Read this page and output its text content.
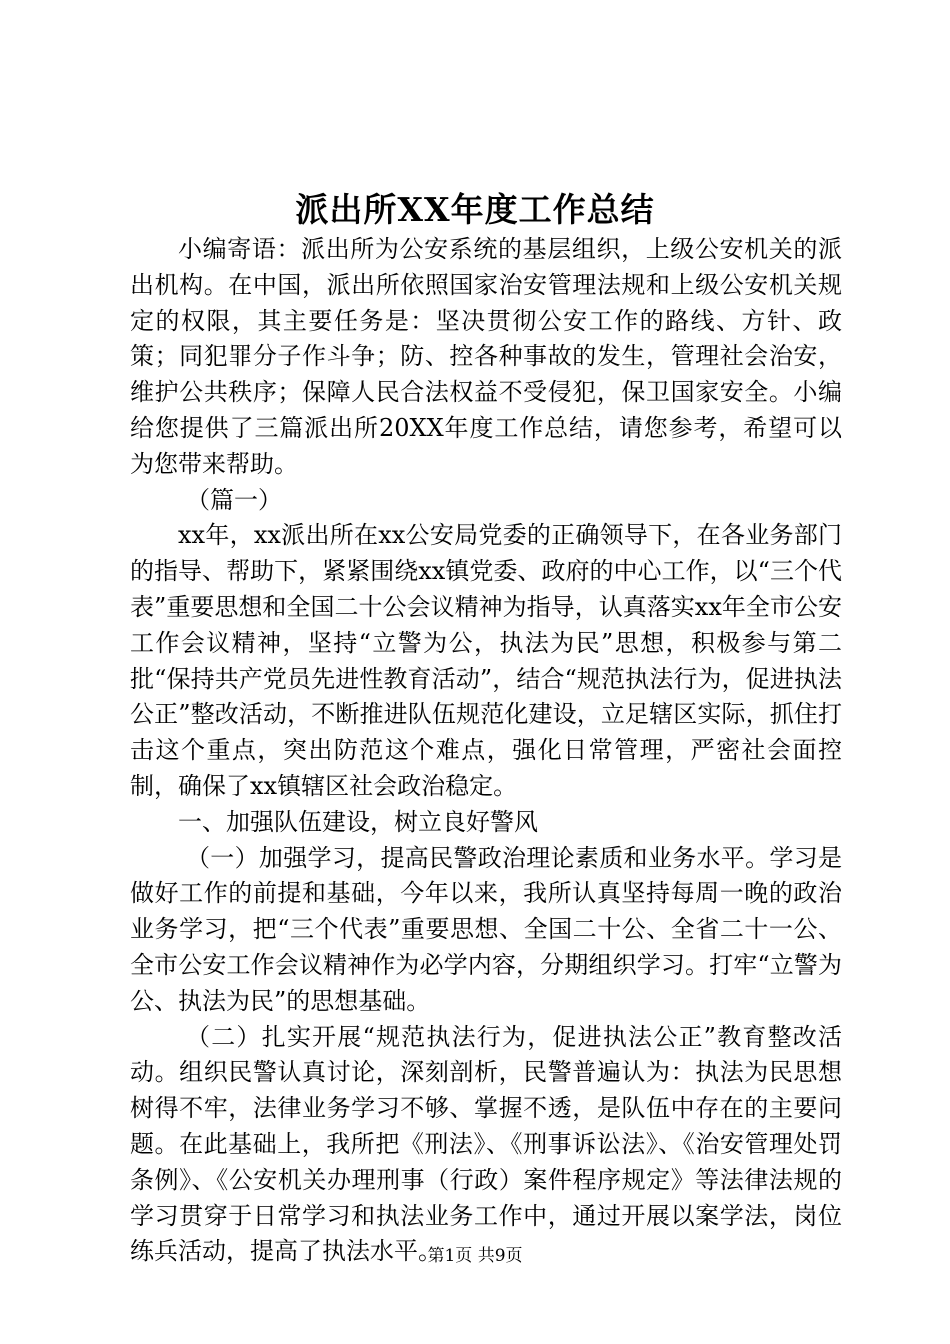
派出所XX年度工作总结

小编寄语：派出所为公安系统的基层组织，上级公安机关的派出机构。在中国，派出所依照国家治安管理法规和上级公安机关规定的权限，其主要任务是：坚决贯彻公安工作的路线、方针、政策；同犯罪分子作斗争；防、控各种事故的发生，管理社会治安，维护公共秩序；保障人民合法权益不受侵犯，保卫国家安全。小编给您提供了三篇派出所20XX年度工作总结，请您参考，希望可以为您带来帮助。

（篇一）

xx年，xx派出所在xx公安局党委的正确领导下，在各业务部门的指导、帮助下，紧紧围绕xx镇党委、政府的中心工作，以“三个代表”重要思想和全国二十公会议精神为指导，认真落实xx年全市公安工作会议精神，坚持“立警为公，执法为民”思想，积极参与第二批“保持共产党员先进性教育活动”，结合“规范执法行为，促进执法公正”整改活动，不断推进队伍规范化建设，立足辖区实际，抓住打击这个重点，突出防范这个难点，强化日常管理，严密社会面控制，确保了xx镇辖区社会政治稳定。

一、加强队伍建设，树立良好警风

（一）加强学习，提高民警政治理论素质和业务水平。学习是做好工作的前提和基础，今年以来，我所认真坚持每周一晚的政治业务学习，把“三个代表”重要思想、全国二十公、全省二十一公、全市公安工作会议精神作为必学内容，分期组织学习。打牢“立警为公、执法为民”的思想基础。

（二）扎实开展“规范执法行为，促进执法公正”教育整改活动。组织民警认真讨论，深刻剖析，民警普遍认为：执法为民思想树得不牢，法律业务学习不够、掌握不透，是队伍中存在的主要问题。在此基础上，我所把《刑法》、《刑事诉讼法》、《治安管理处罚条例》、《公安机关办理刑事（行政）案件程序规定》等法律法规的学习贯穿于日常学习和执法业务工作中，通过开展以案学法，岗位练兵活动，提高了执法水平。

第1页 共9页
